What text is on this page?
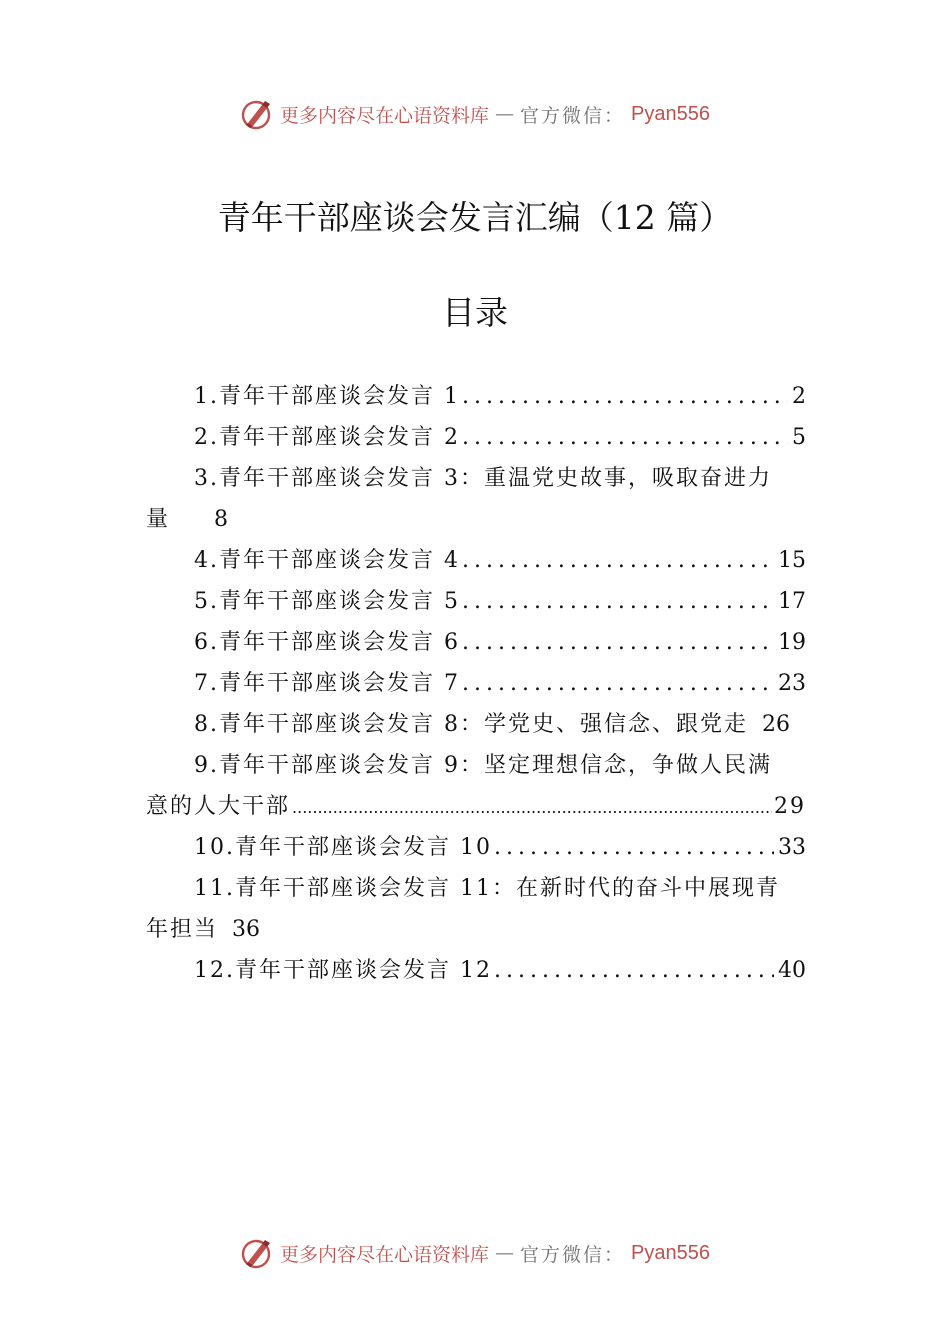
更多内容尽在心语资料库 — 官方微信： Pyan556
青年干部座谈会发言汇编（12 篇）
目录
1.青年干部座谈会发言 1 .....	2
2.青年干部座谈会发言 2 .....	5
3.青年干部座谈会发言 3：重温党史故事，吸取奋进力
量 8
4.青年干部座谈会发言 4 .....	15
5.青年干部座谈会发言 5 .....	17
6.青年干部座谈会发言 6 .....	19
7.青年干部座谈会发言 7 .....	23
8.青年干部座谈会发言 8：学党史、强信念、跟党走 26
9.青年干部座谈会发言 9：坚定理想信念，争做人民满
意的人大干部 .....	29
10.青年干部座谈会发言 10 .....	33
11.青年干部座谈会发言 11：在新时代的奋斗中展现青
年担当 36
12.青年干部座谈会发言 12 .....	40
更多内容尽在心语资料库 — 官方微信： Pyan556
